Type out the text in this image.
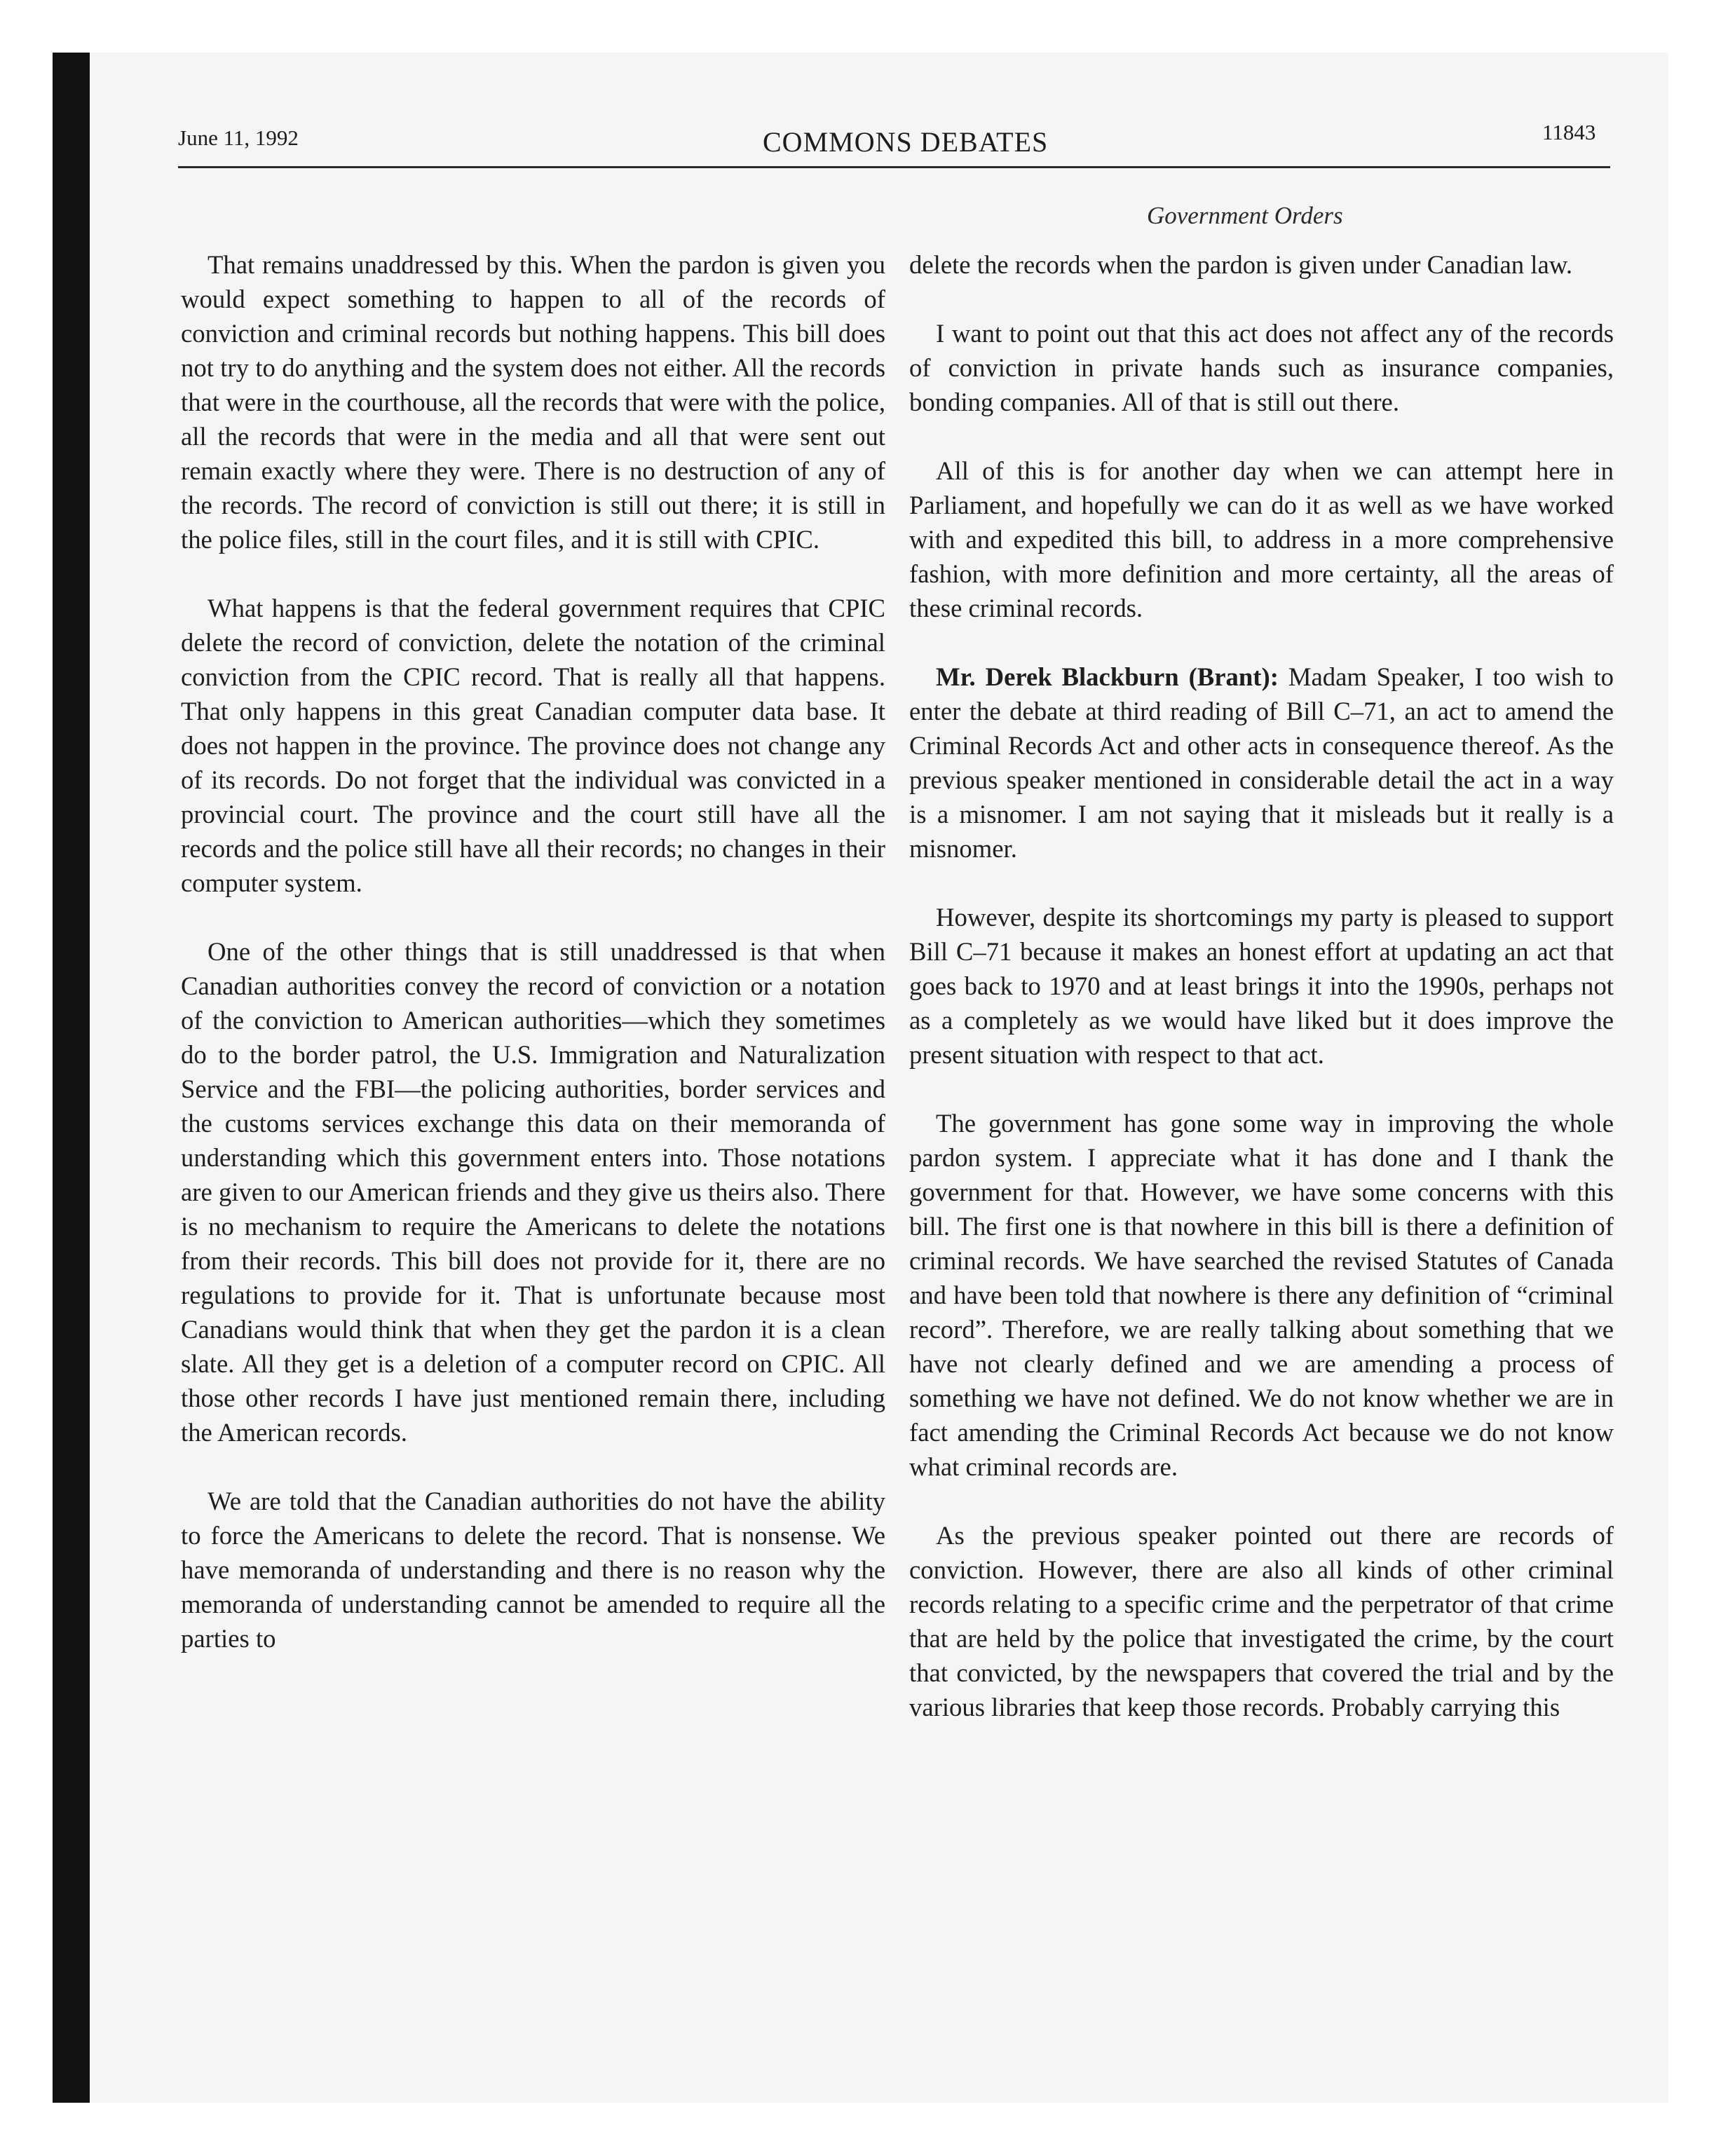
June 11, 1992	COMMONS DEBATES	11843
Government Orders

That remains unaddressed by this. When the pardon is given you would expect something to happen to all of the records of conviction and criminal records but nothing happens. This bill does not try to do anything and the system does not either. All the records that were in the courthouse, all the records that were with the police, all the records that were in the media and all that were sent out remain exactly where they were. There is no destruction of any of the records. The record of conviction is still out there; it is still in the police files, still in the court files, and it is still with CPIC.

What happens is that the federal government requires that CPIC delete the record of conviction, delete the notation of the criminal conviction from the CPIC record. That is really all that happens. That only happens in this great Canadian computer data base. It does not happen in the province. The province does not change any of its records. Do not forget that the individual was convicted in a provincial court. The province and the court still have all the records and the police still have all their records; no changes in their computer system.

One of the other things that is still unaddressed is that when Canadian authorities convey the record of conviction or a notation of the conviction to American authorities—which they sometimes do to the border patrol, the U.S. Immigration and Naturalization Service and the FBI—the policing authorities, border services and the customs services exchange this data on their memoranda of understanding which this government enters into. Those notations are given to our American friends and they give us theirs also. There is no mechanism to require the Americans to delete the notations from their records. This bill does not provide for it, there are no regulations to provide for it. That is unfortunate because most Canadians would think that when they get the pardon it is a clean slate. All they get is a deletion of a computer record on CPIC. All those other records I have just mentioned remain there, including the American records.

We are told that the Canadian authorities do not have the ability to force the Americans to delete the record. That is nonsense. We have memoranda of understanding and there is no reason why the memoranda of understanding cannot be amended to require all the parties to

delete the records when the pardon is given under Canadian law.

I want to point out that this act does not affect any of the records of conviction in private hands such as insurance companies, bonding companies. All of that is still out there.

All of this is for another day when we can attempt here in Parliament, and hopefully we can do it as well as we have worked with and expedited this bill, to address in a more comprehensive fashion, with more definition and more certainty, all the areas of these criminal records.

Mr. Derek Blackburn (Brant): Madam Speaker, I too wish to enter the debate at third reading of Bill C–71, an act to amend the Criminal Records Act and other acts in consequence thereof. As the previous speaker mentioned in considerable detail the act in a way is a misnomer. I am not saying that it misleads but it really is a misnomer.

However, despite its shortcomings my party is pleased to support Bill C–71 because it makes an honest effort at updating an act that goes back to 1970 and at least brings it into the 1990s, perhaps not as a completely as we would have liked but it does improve the present situation with respect to that act.

The government has gone some way in improving the whole pardon system. I appreciate what it has done and I thank the government for that. However, we have some concerns with this bill. The first one is that nowhere in this bill is there a definition of criminal records. We have searched the revised Statutes of Canada and have been told that nowhere is there any definition of “criminal record”. Therefore, we are really talking about something that we have not clearly defined and we are amending a process of something we have not defined. We do not know whether we are in fact amending the Criminal Records Act because we do not know what criminal records are.

As the previous speaker pointed out there are records of conviction. However, there are also all kinds of other criminal records relating to a specific crime and the perpetrator of that crime that are held by the police that investigated the crime, by the court that convicted, by the newspapers that covered the trial and by the various libraries that keep those records. Probably carrying this
